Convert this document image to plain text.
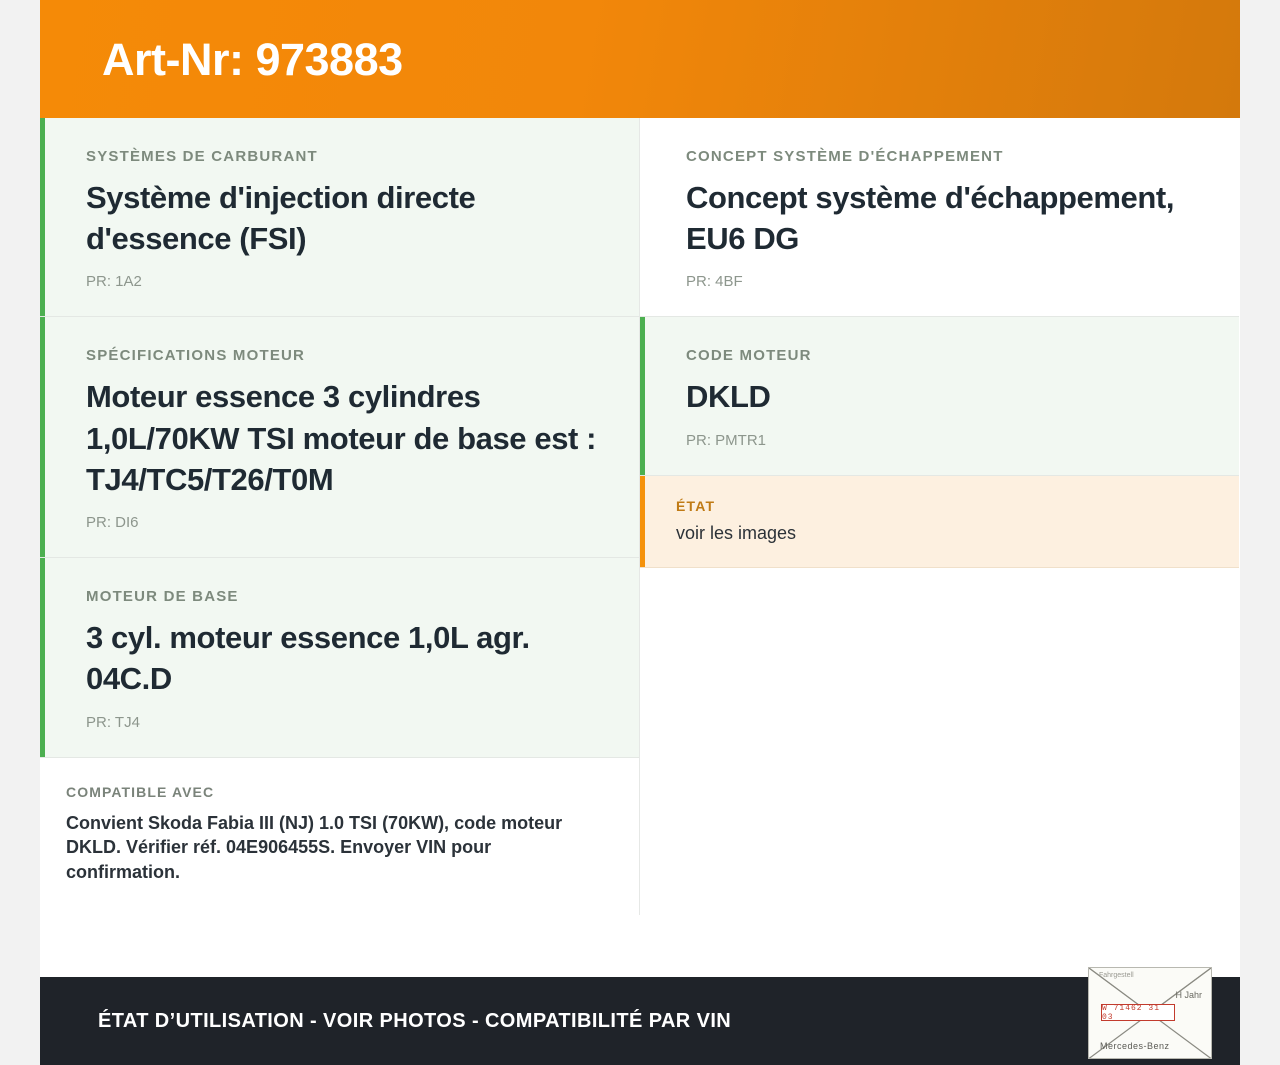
Art-Nr: 973883
SYSTÈMES DE CARBURANT
Système d'injection directe d'essence (FSI)
PR: 1A2
SPÉCIFICATIONS MOTEUR
Moteur essence 3 cylindres 1,0L/70KW TSI moteur de base est : TJ4/TC5/T26/T0M
PR: DI6
MOTEUR DE BASE
3 cyl. moteur essence 1,0L agr. 04C.D
PR: TJ4
COMPATIBLE AVEC
Convient Skoda Fabia III (NJ) 1.0 TSI (70KW), code moteur DKLD. Vérifier réf. 04E906455S. Envoyer VIN pour confirmation.
CONCEPT SYSTÈME D'ÉCHAPPEMENT
Concept système d'échappement, EU6 DG
PR: 4BF
CODE MOTEUR
DKLD
PR: PMTR1
ÉTAT
voir les images
ÉTAT D’UTILISATION - VOIR PHOTOS - COMPATIBILITÉ PAR VIN
Fahrgestell
W 71462 31 03
H Jahr
Mercedes-Benz
